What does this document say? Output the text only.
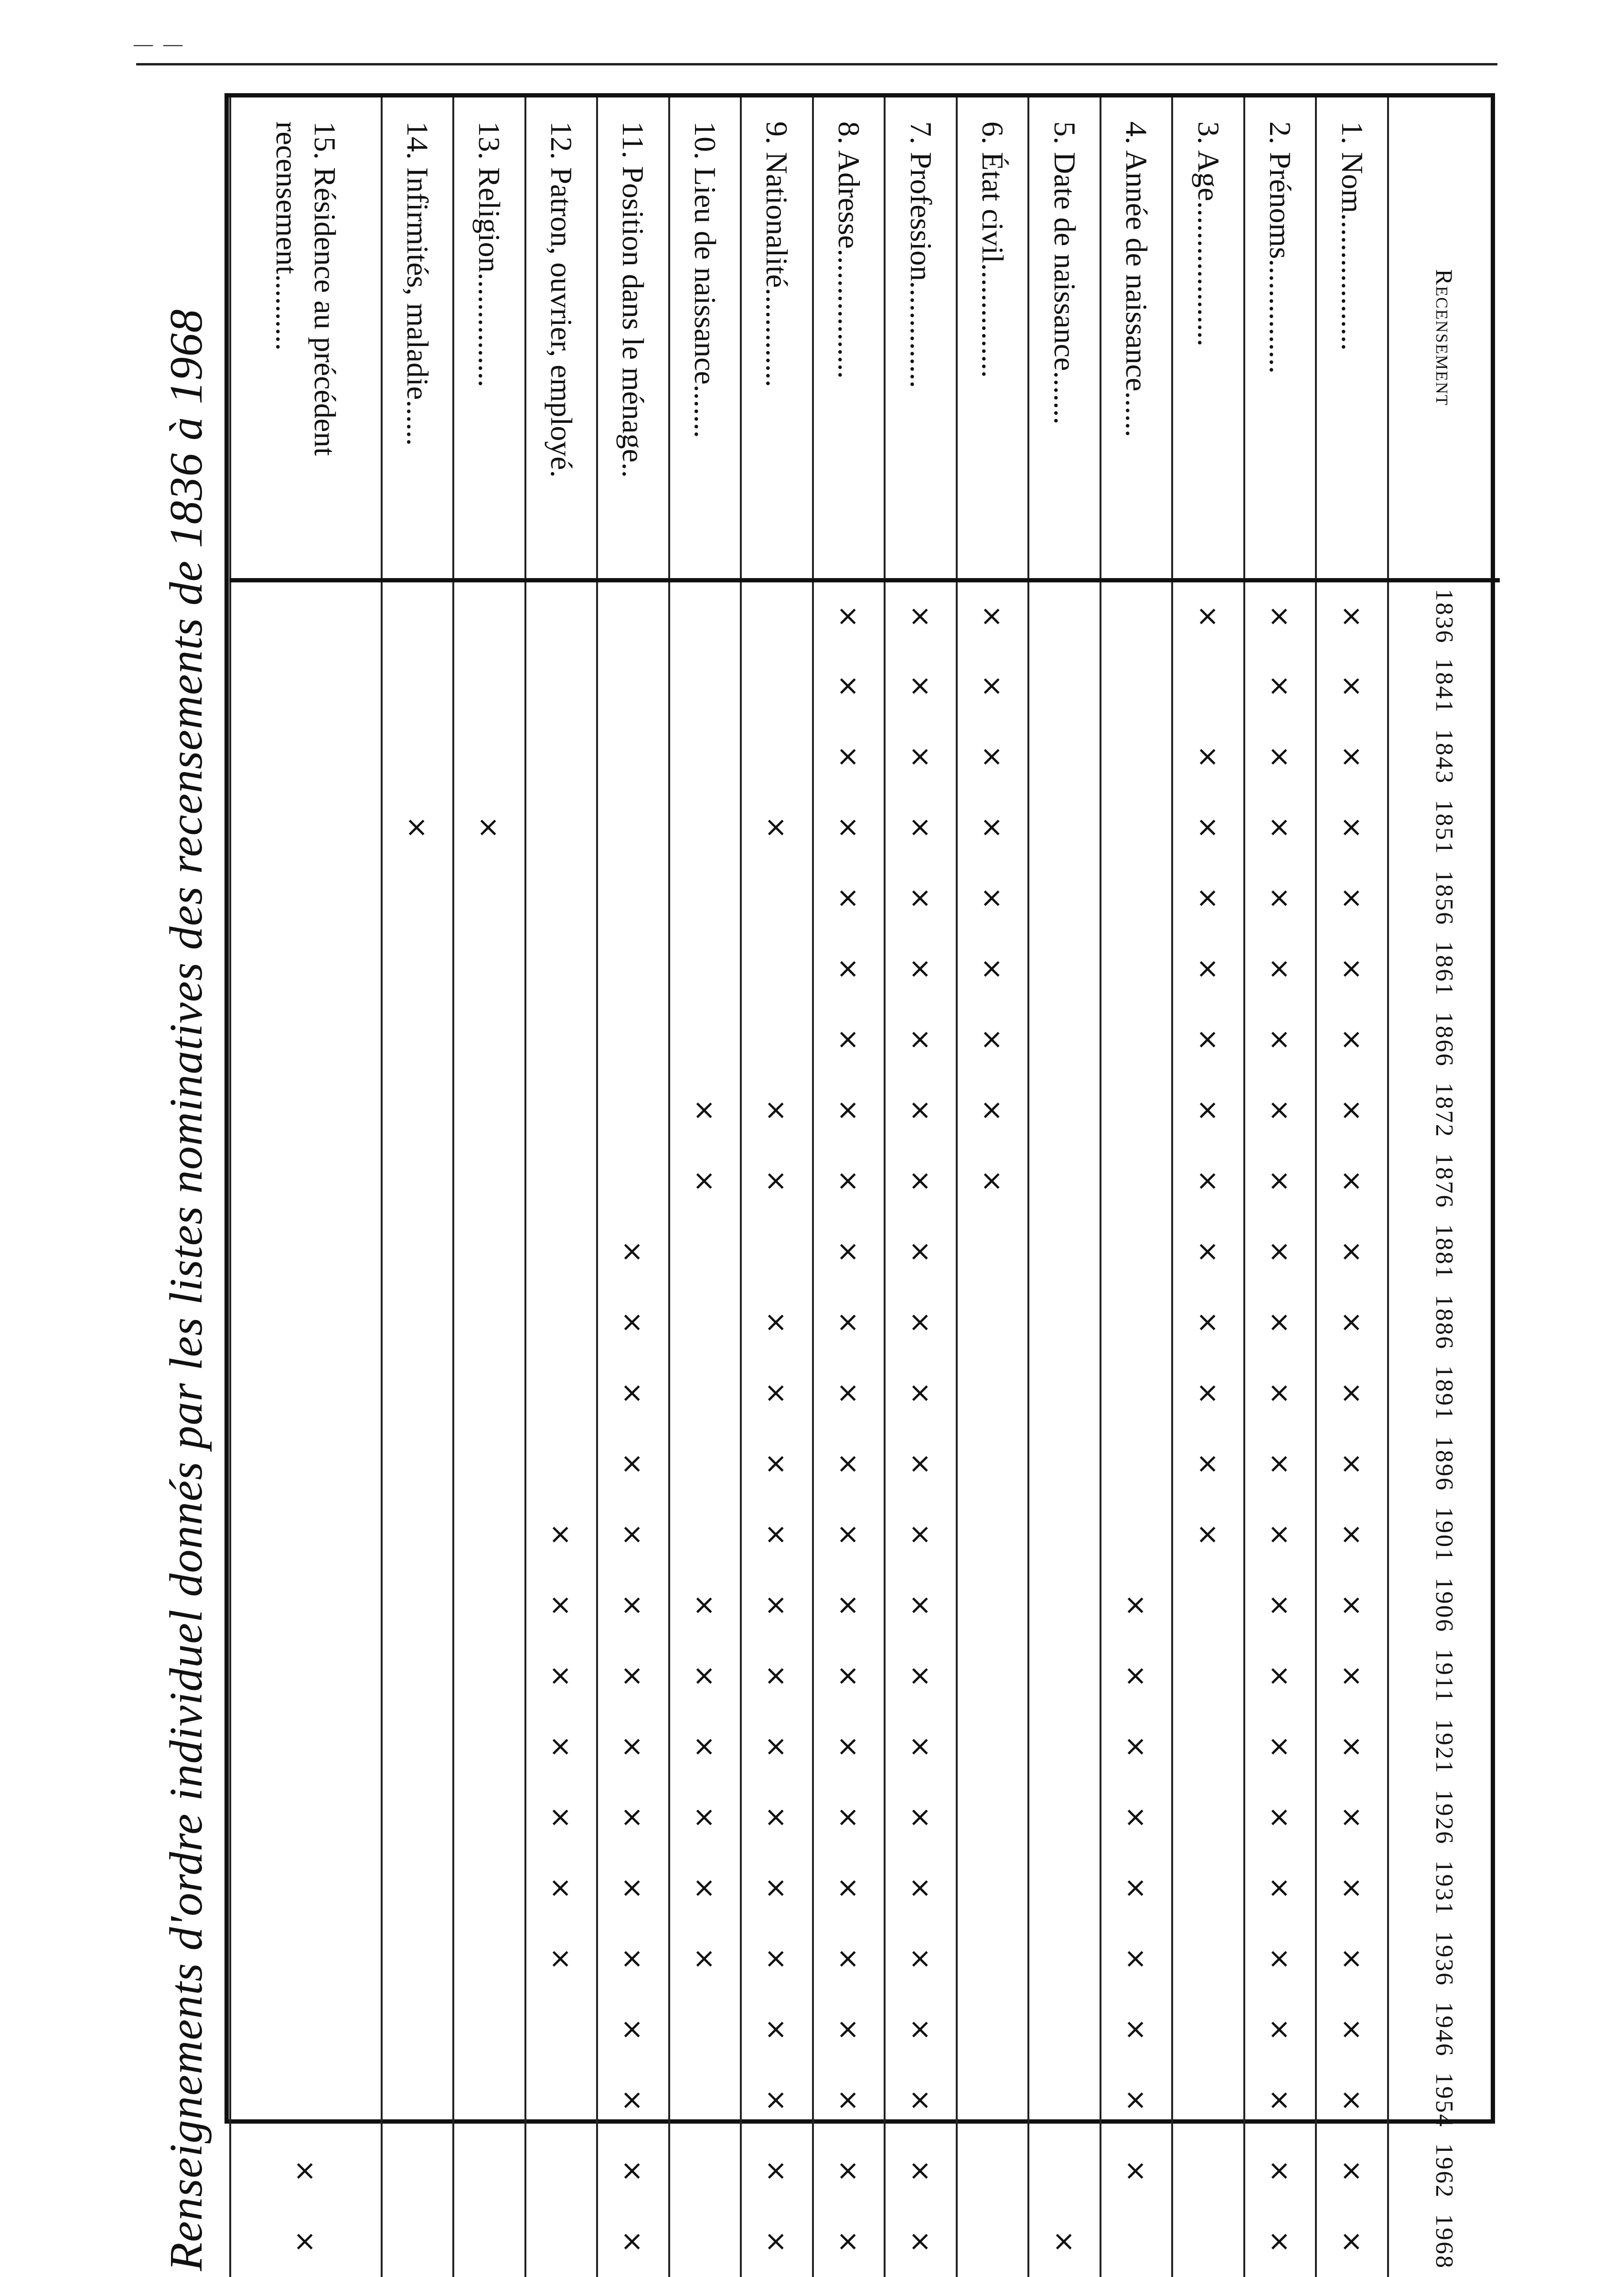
— —
Renseignements d'ordre individuel donnés par les listes nominatives des recensements de 1836 à 1968	Recensement	1836	1841	1843	1851	1856	1861	1866	1872	1876	1881	1886	1891	1896	1901	1906	1911	1921	1926	1931	1936	1946	1954	1962	1968
1. Nom..................	×	×	×	×	×	×	×	×	×	×	×	×	×	×	×	×	×	×	×	×	×	×	×	×
2. Prénoms...............	×	×	×	×	×	×	×	×	×	×	×	×	×	×	×	×	×	×	×	×	×	×	×	×
3. Age...................	×		×	×	×	×	×	×	×	×	×	×	×	×										
4. Année de naissance......															×	×	×	×	×	×	×	×	×	
5. Date de naissance.......																								×
6. État civil...............	×	×	×	×	×	×	×	×	×															
7. Profession..............	×	×	×	×	×	×	×	×	×	×	×	×	×	×	×	×	×	×	×	×	×	×	×	×
8. Adresse.................	×	×	×	×	×	×	×	×	×	×	×	×	×	×	×	×	×	×	×	×	×	×	×	×
9. Nationalité.............				×				×	×		×	×	×	×	×	×	×	×	×	×	×	×	×	×
10. Lieu de naissance.......								×	×						×	×	×	×	×	×				
11. Position dans le ménage..										×	×	×	×	×	×	×	×	×	×	×	×	×	×	×
12. Patron, ouvrier, employé.														×	×	×	×	×	×	×				
13. Religion...............				×																				
14. Infirmités, maladie......				×																				
15. Résidence au précédent recensement..........																							×	×
